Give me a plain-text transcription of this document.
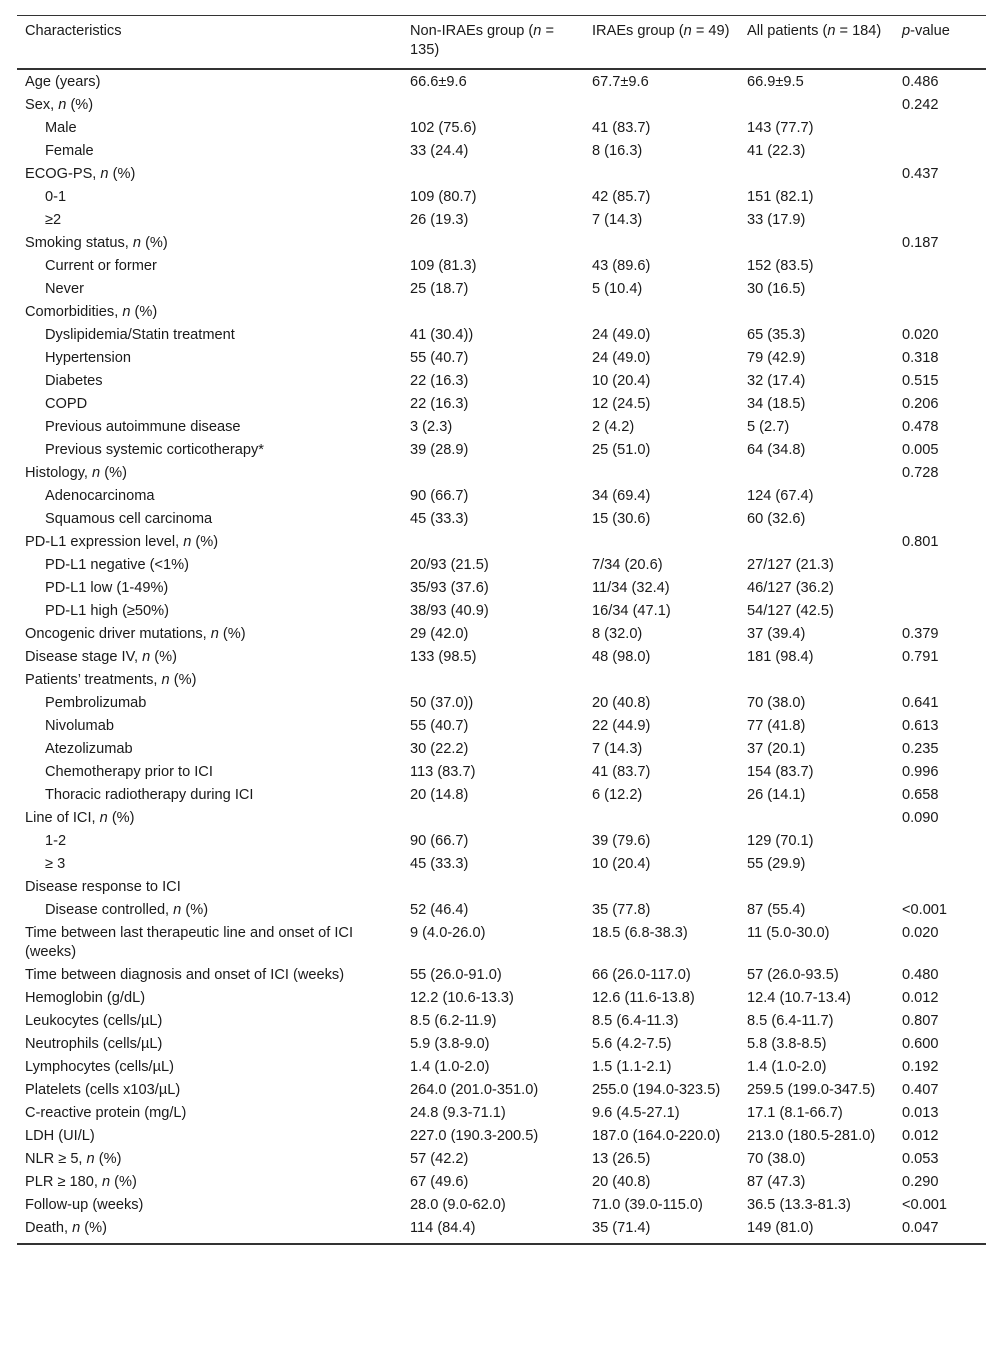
Characteristics	Non-IRAEs group (n = 135)	IRAEs group (n = 49)	All patients (n = 184)	p-value
Age (years)	66.6±9.6	67.7±9.6	66.9±9.5	0.486
Sex, n (%)				0.242
Male	102 (75.6)	41 (83.7)	143 (77.7)	
Female	33 (24.4)	8 (16.3)	41 (22.3)	
ECOG-PS, n (%)				0.437
0-1	109 (80.7)	42 (85.7)	151 (82.1)	
≥2	26 (19.3)	7 (14.3)	33 (17.9)	
Smoking status, n (%)				0.187
Current or former	109 (81.3)	43 (89.6)	152 (83.5)	
Never	25 (18.7)	5 (10.4)	30 (16.5)	
Comorbidities, n (%)				
Dyslipidemia/Statin treatment	41 (30.4))	24 (49.0)	65 (35.3)	0.020
Hypertension	55 (40.7)	24 (49.0)	79 (42.9)	0.318
Diabetes	22 (16.3)	10 (20.4)	32 (17.4)	0.515
COPD	22 (16.3)	12 (24.5)	34 (18.5)	0.206
Previous autoimmune disease	3 (2.3)	2 (4.2)	5 (2.7)	0.478
Previous systemic corticotherapy*	39 (28.9)	25 (51.0)	64 (34.8)	0.005
Histology, n (%)				0.728
Adenocarcinoma	90 (66.7)	34 (69.4)	124 (67.4)	
Squamous cell carcinoma	45 (33.3)	15 (30.6)	60 (32.6)	
PD-L1 expression level, n (%)				0.801
PD-L1 negative (<1%)	20/93 (21.5)	7/34 (20.6)	27/127 (21.3)	
PD-L1 low (1-49%)	35/93 (37.6)	11/34 (32.4)	46/127 (36.2)	
PD-L1 high (≥50%)	38/93 (40.9)	16/34 (47.1)	54/127 (42.5)	
Oncogenic driver mutations, n (%)	29 (42.0)	8 (32.0)	37 (39.4)	0.379
Disease stage IV, n (%)	133 (98.5)	48 (98.0)	181 (98.4)	0.791
Patients’ treatments, n (%)				
Pembrolizumab	50 (37.0))	20 (40.8)	70 (38.0)	0.641
Nivolumab	55 (40.7)	22 (44.9)	77 (41.8)	0.613
Atezolizumab	30 (22.2)	7 (14.3)	37 (20.1)	0.235
Chemotherapy prior to ICI	113 (83.7)	41 (83.7)	154 (83.7)	0.996
Thoracic radiotherapy during ICI	20 (14.8)	6 (12.2)	26 (14.1)	0.658
Line of ICI, n (%)				0.090
1-2	90 (66.7)	39 (79.6)	129 (70.1)	
≥ 3	45 (33.3)	10 (20.4)	55 (29.9)	
Disease response to ICI				
Disease controlled, n (%)	52 (46.4)	35 (77.8)	87 (55.4)	<0.001
Time between last therapeutic line and onset of ICI (weeks)	9 (4.0-26.0)	18.5 (6.8-38.3)	11 (5.0-30.0)	0.020
Time between diagnosis and onset of ICI (weeks)	55 (26.0-91.0)	66 (26.0-117.0)	57 (26.0-93.5)	0.480
Hemoglobin (g/dL)	12.2 (10.6-13.3)	12.6 (11.6-13.8)	12.4 (10.7-13.4)	0.012
Leukocytes (cells/µL)	8.5 (6.2-11.9)	8.5 (6.4-11.3)	8.5 (6.4-11.7)	0.807
Neutrophils (cells/µL)	5.9 (3.8-9.0)	5.6 (4.2-7.5)	5.8 (3.8-8.5)	0.600
Lymphocytes (cells/µL)	1.4 (1.0-2.0)	1.5 (1.1-2.1)	1.4 (1.0-2.0)	0.192
Platelets (cells x103/µL)	264.0 (201.0-351.0)	255.0 (194.0-323.5)	259.5 (199.0-347.5)	0.407
C-reactive protein (mg/L)	24.8 (9.3-71.1)	9.6 (4.5-27.1)	17.1 (8.1-66.7)	0.013
LDH (UI/L)	227.0 (190.3-200.5)	187.0 (164.0-220.0)	213.0 (180.5-281.0)	0.012
NLR ≥ 5, n (%)	57 (42.2)	13 (26.5)	70 (38.0)	0.053
PLR ≥ 180, n (%)	67 (49.6)	20 (40.8)	87 (47.3)	0.290
Follow-up (weeks)	28.0 (9.0-62.0)	71.0 (39.0-115.0)	36.5 (13.3-81.3)	<0.001
Death, n (%)	114 (84.4)	35 (71.4)	149 (81.0)	0.047
